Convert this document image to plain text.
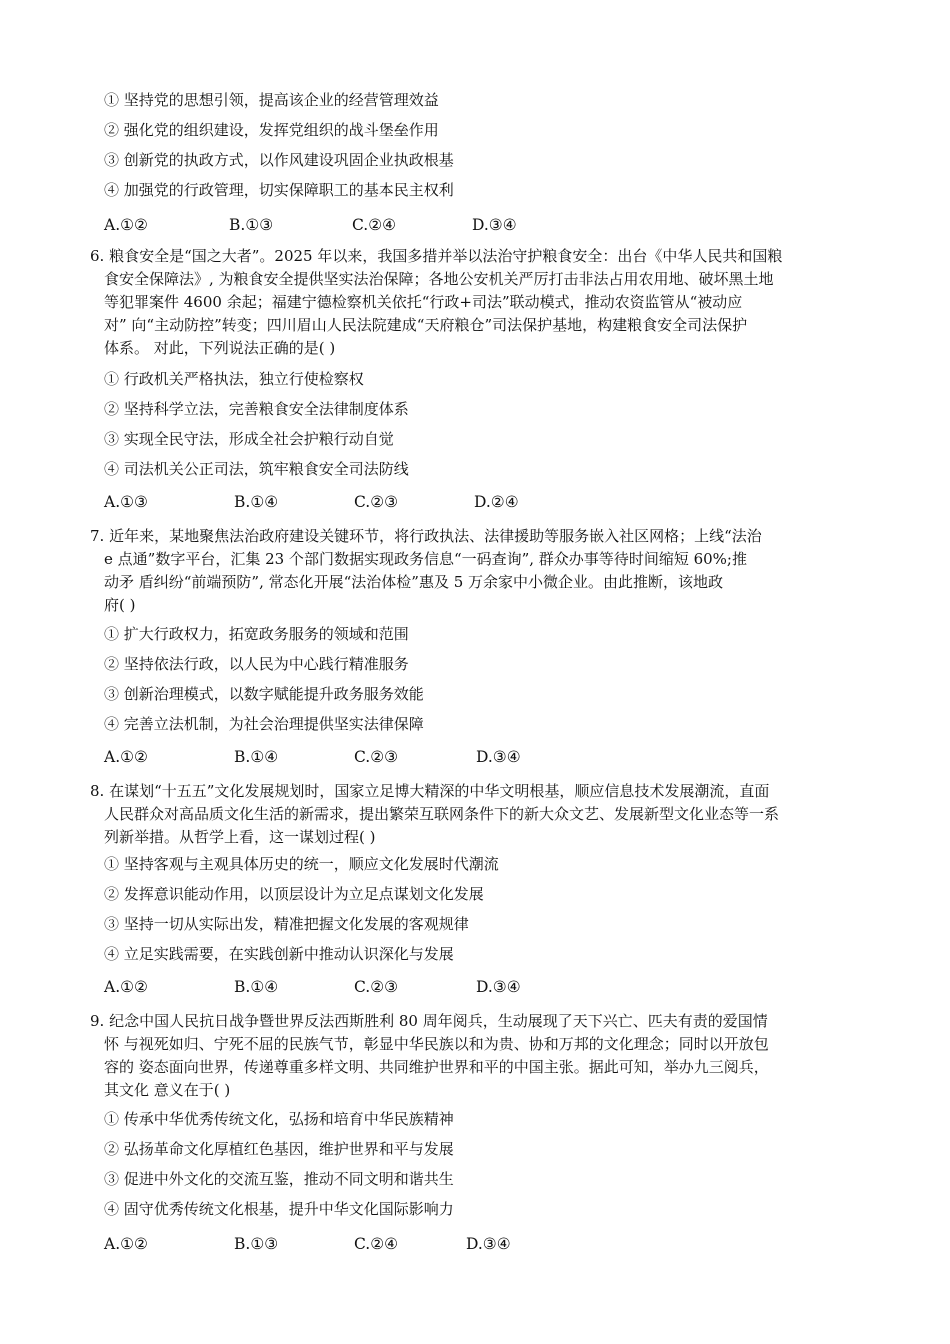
① 坚持党的思想引领，提高该企业的经营管理效益
② 强化党的组织建设，发挥党组织的战斗堡垒作用
③ 创新党的执政方式，以作风建设巩固企业执政根基
④ 加强党的行政管理，切实保障职工的基本民主权利
A.①②	B.①③	C.②④	D.③④
6. 粮食安全是“国之大者”。2025 年以来，我国多措并举以法治守护粮食安全：出台《中华人民共和国粮
食安全保障法》, 为粮食安全提供坚实法治保障；各地公安机关严厉打击非法占用农用地、破坏黑土地
等犯罪案件 4600 余起；福建宁德检察机关依托“行政+司法”联动模式，推动农资监管从“被动应
对” 向“主动防控”转变；四川眉山人民法院建成“天府粮仓”司法保护基地，构建粮食安全司法保护
体系。 对此，下列说法正确的是( )
① 行政机关严格执法，独立行使检察权
② 坚持科学立法，完善粮食安全法律制度体系
③ 实现全民守法，形成全社会护粮行动自觉
④ 司法机关公正司法，筑牢粮食安全司法防线
A.①③	B.①④	C.②③	D.②④
7. 近年来，某地聚焦法治政府建设关键环节，将行政执法、法律援助等服务嵌入社区网格；上线“法治
e 点通”数字平台，汇集 23 个部门数据实现政务信息“一码查询”, 群众办事等待时间缩短 60%;推
动矛 盾纠纷“前端预防”, 常态化开展“法治体检”惠及 5 万余家中小微企业。由此推断，该地政
府( )
① 扩大行政权力，拓宽政务服务的领域和范围
② 坚持依法行政，以人民为中心践行精准服务
③ 创新治理模式，以数字赋能提升政务服务效能
④ 完善立法机制，为社会治理提供坚实法律保障
A.①②	B.①④	C.②③	D.③④
8. 在谋划“十五五”文化发展规划时，国家立足博大精深的中华文明根基，顺应信息技术发展潮流，直面
人民群众对高品质文化生活的新需求，提出繁荣互联网条件下的新大众文艺、发展新型文化业态等一系
列新举措。从哲学上看，这一谋划过程( )
① 坚持客观与主观具体历史的统一，顺应文化发展时代潮流
② 发挥意识能动作用，以顶层设计为立足点谋划文化发展
③ 坚持一切从实际出发，精准把握文化发展的客观规律
④ 立足实践需要，在实践创新中推动认识深化与发展
A.①②	B.①④	C.②③	D.③④
9. 纪念中国人民抗日战争暨世界反法西斯胜利 80 周年阅兵，生动展现了天下兴亡、匹夫有责的爱国情
怀 与视死如归、宁死不屈的民族气节，彰显中华民族以和为贵、协和万邦的文化理念；同时以开放包
容的 姿态面向世界，传递尊重多样文明、共同维护世界和平的中国主张。据此可知，举办九三阅兵，
其文化 意义在于( )
① 传承中华优秀传统文化，弘扬和培育中华民族精神
② 弘扬革命文化厚植红色基因，维护世界和平与发展
③ 促进中外文化的交流互鉴，推动不同文明和谐共生
④ 固守优秀传统文化根基，提升中华文化国际影响力
A.①②	B.①③	C.②④	D.③④
